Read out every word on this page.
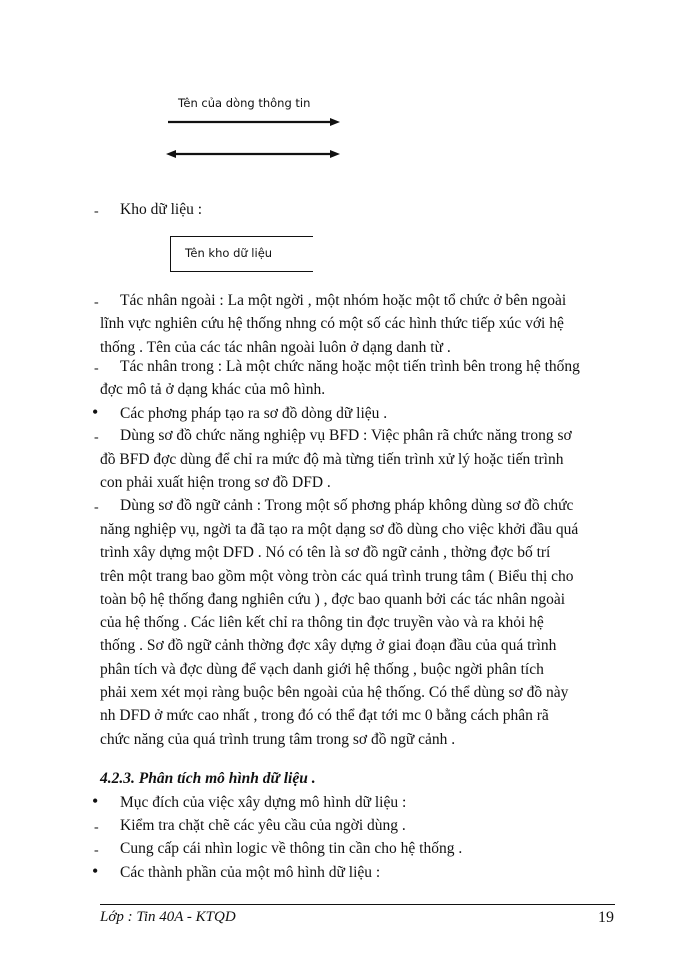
Tên của dòng thông tin
- Kho dữ liệu :
Tên kho dữ liệu
- Tác nhân ngoài : La một ngời , một nhóm hoặc một tổ chức ở bên ngoài
lĩnh vực nghiên cứu hệ thống nhng có một số các hình thức tiếp xúc với hệ
thống . Tên của các tác nhân ngoài luôn ở dạng danh từ .
- Tác nhân trong : Là một chức năng hoặc một tiến trình bên trong hệ thống
đợc mô tả ở dạng khác của mô hình.
• Các phơng pháp tạo ra sơ đồ dòng dữ liệu .
- Dùng sơ đồ chức năng nghiệp vụ BFD : Việc phân rã chức năng trong sơ
đồ BFD đợc dùng để chỉ ra mức độ mà từng tiến trình xử lý hoặc tiến trình
con phải xuất hiện trong sơ đồ DFD .
- Dùng sơ đồ ngữ cảnh : Trong một số phơng pháp không dùng sơ đồ chức
năng nghiệp vụ, ngời ta đã tạo ra một dạng sơ đồ dùng cho việc khởi đầu quá
trình xây dựng một DFD . Nó có tên là sơ đồ ngữ cảnh , thờng đợc bố trí
trên một trang bao gồm một vòng tròn các quá trình trung tâm ( Biểu thị cho
toàn bộ hệ thống đang nghiên cứu ) , đợc bao quanh bởi các tác nhân ngoài
của hệ thống . Các liên kết chỉ ra thông tin đợc truyền vào và ra khỏi hệ
thống . Sơ đồ ngữ cảnh thờng đợc xây dựng ở giai đoạn đầu của quá trình
phân tích và đợc dùng để vạch danh giới hệ thống , buộc ngời phân tích
phải xem xét mọi ràng buộc bên ngoài của hệ thống. Có thể dùng sơ đồ này
nh DFD ở mức cao nhất , trong đó có thể đạt tới mc 0 bằng cách phân rã
chức năng của quá trình trung tâm trong sơ đồ ngữ cảnh .
4.2.3. Phân tích mô hình dữ liệu .
• Mục đích của việc xây dựng mô hình dữ liệu :
- Kiểm tra chặt chẽ các yêu cầu của ngời dùng .
- Cung cấp cái nhìn logic về thông tin cần cho hệ thống .
• Các thành phần của một mô hình dữ liệu :
Lớp : Tin 40A - KTQD	19
